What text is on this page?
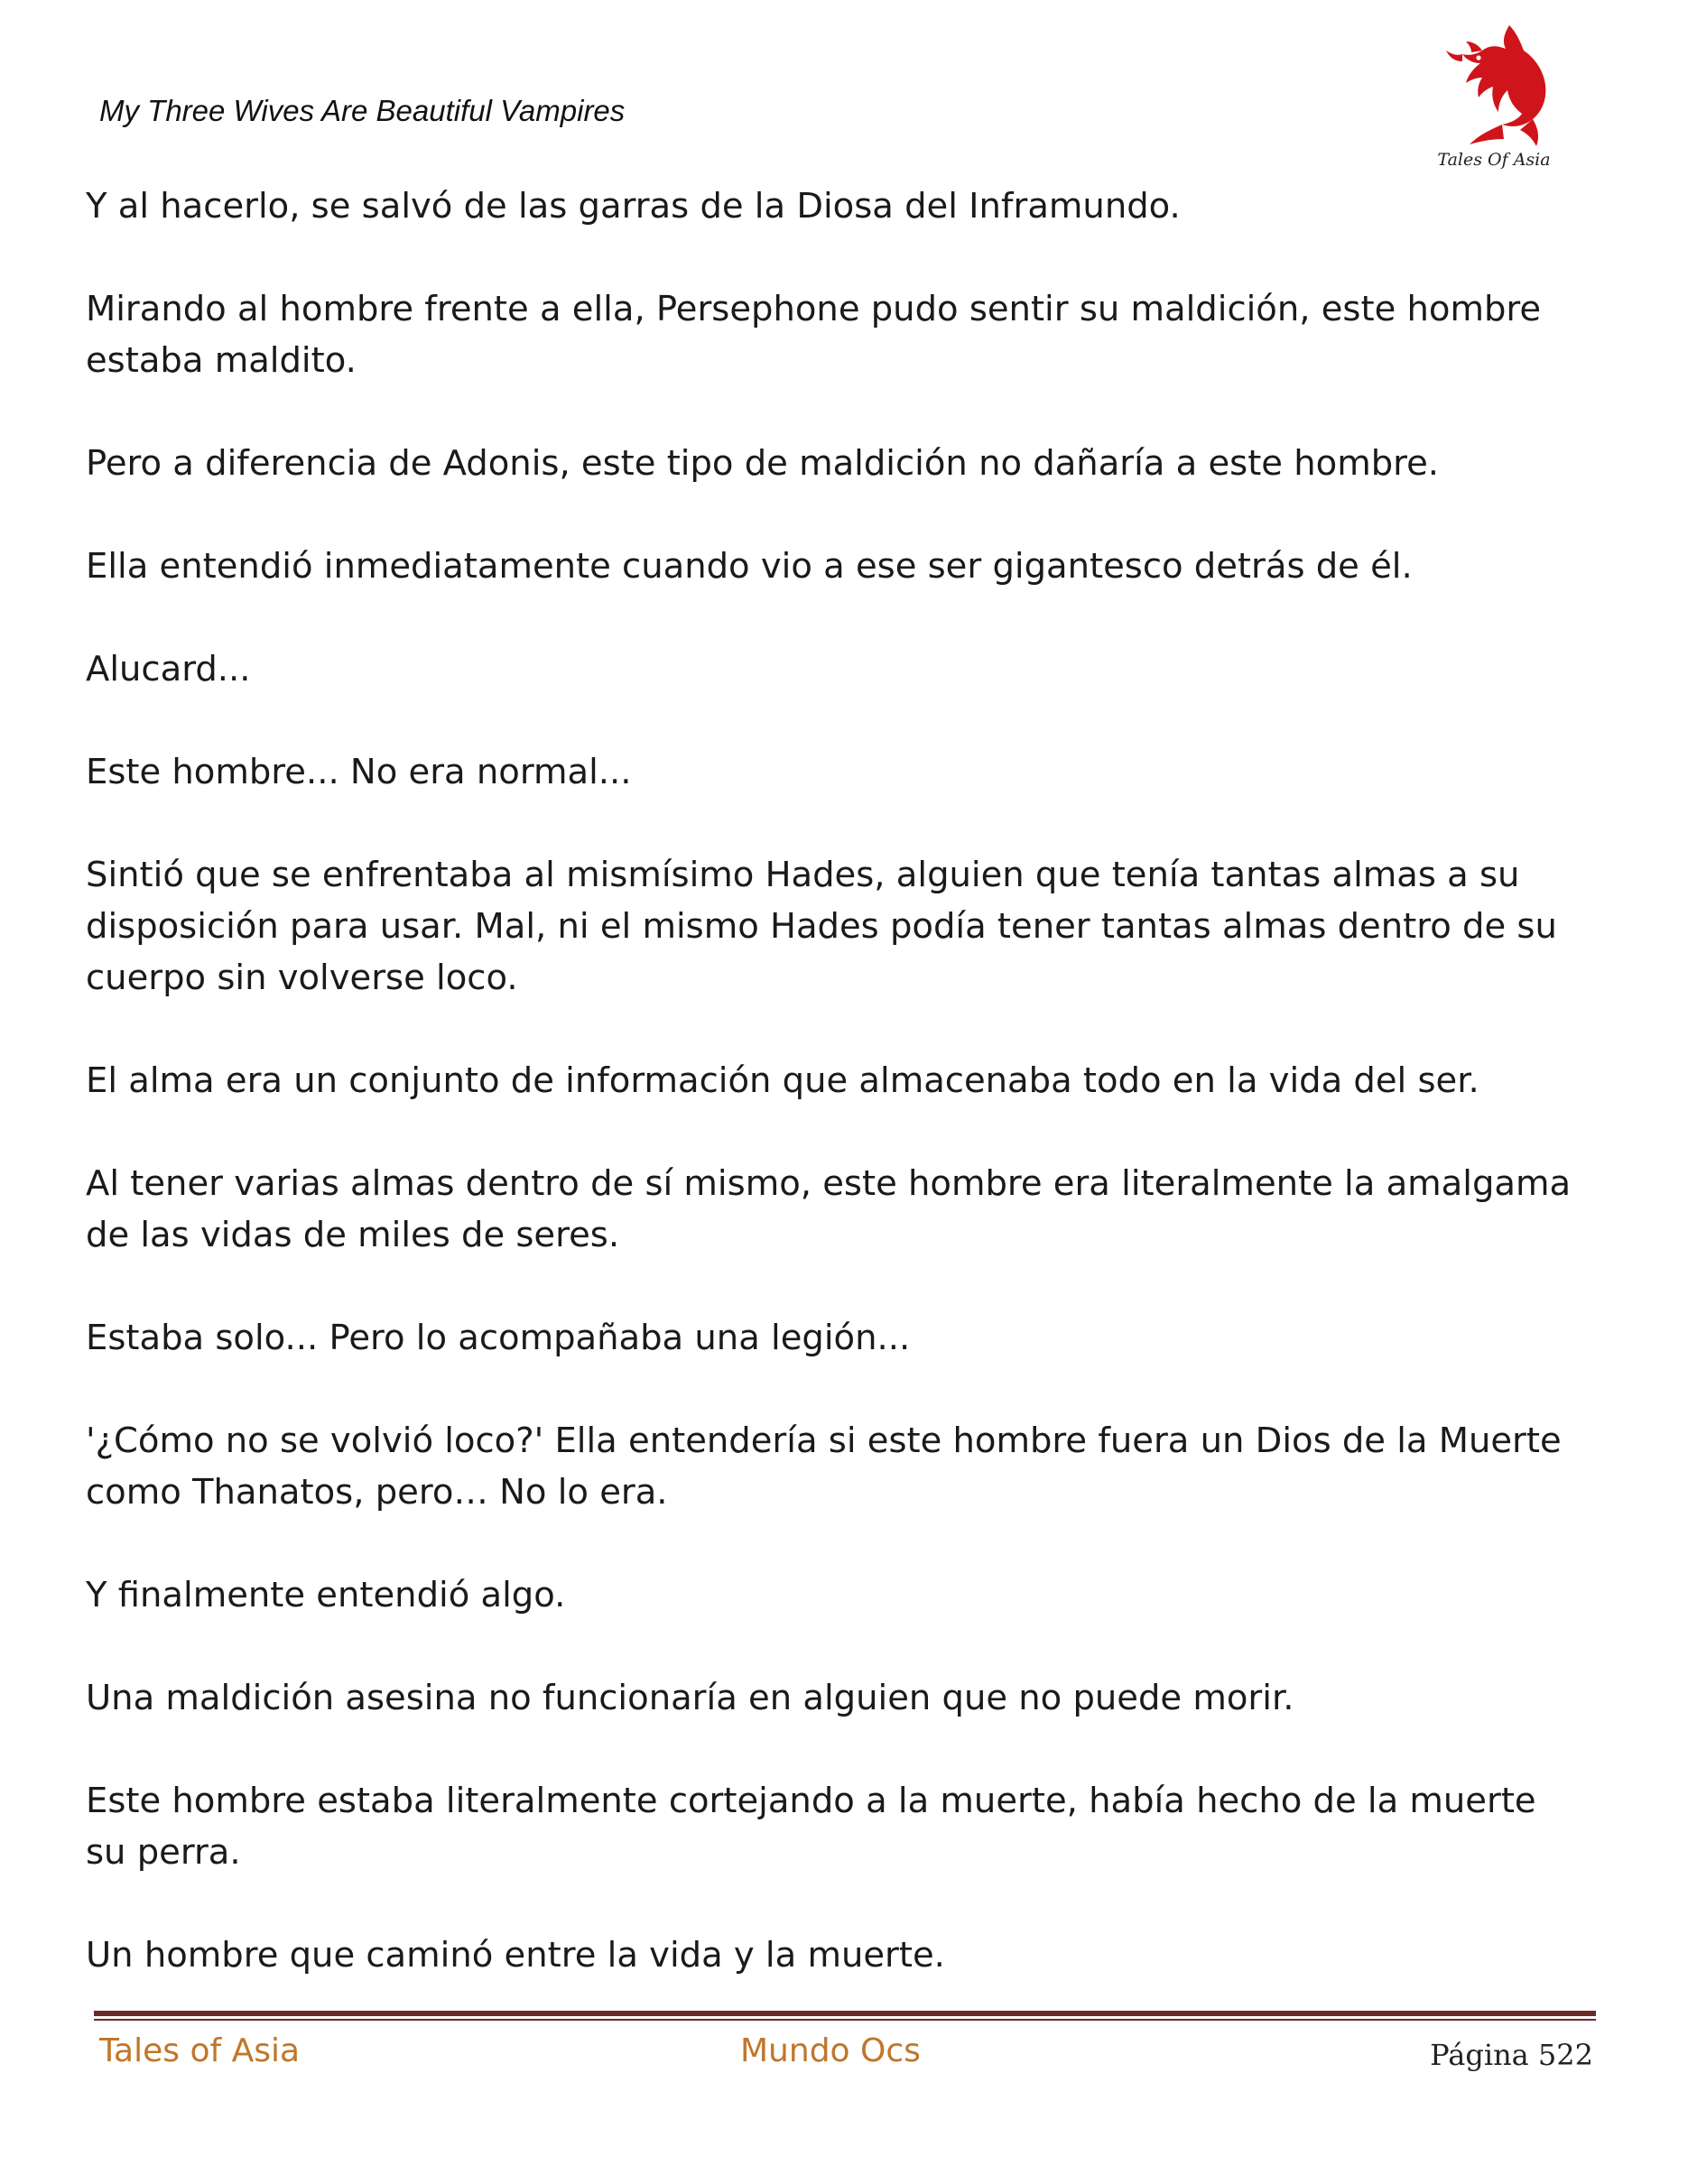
My Three Wives Are Beautiful Vampires
Tales Of Asia

Y al hacerlo, se salvó de las garras de la Diosa del Inframundo.

Mirando al hombre frente a ella, Persephone pudo sentir su maldición, este hombre estaba maldito.

Pero a diferencia de Adonis, este tipo de maldición no dañaría a este hombre.

Ella entendió inmediatamente cuando vio a ese ser gigantesco detrás de él.

Alucard...

Este hombre... No era normal...

Sintió que se enfrentaba al mismísimo Hades, alguien que tenía tantas almas a su disposición para usar. Mal, ni el mismo Hades podía tener tantas almas dentro de su cuerpo sin volverse loco.

El alma era un conjunto de información que almacenaba todo en la vida del ser.

Al tener varias almas dentro de sí mismo, este hombre era literalmente la amalgama de las vidas de miles de seres.

Estaba solo... Pero lo acompañaba una legión...

'¿Cómo no se volvió loco?' Ella entendería si este hombre fuera un Dios de la Muerte como Thanatos, pero… No lo era.

Y finalmente entendió algo.

Una maldición asesina no funcionaría en alguien que no puede morir.

Este hombre estaba literalmente cortejando a la muerte, había hecho de la muerte su perra.

Un hombre que caminó entre la vida y la muerte.

Tales of Asia	Mundo Ocs	Página 522
